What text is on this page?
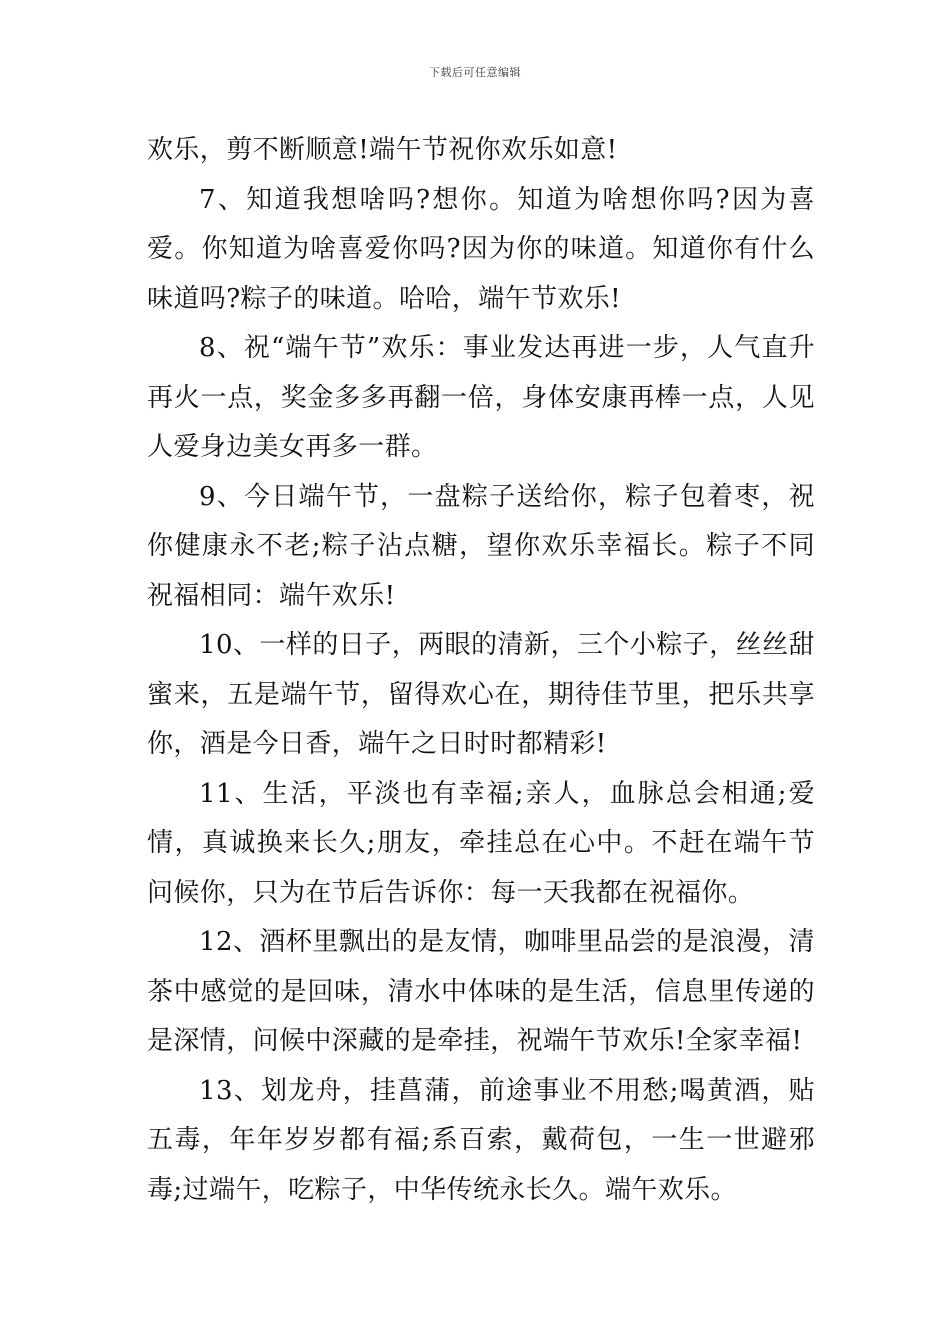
下载后可任意编辑

欢乐，剪不断顺意!端午节祝你欢乐如意!

7、知道我想啥吗?想你。知道为啥想你吗?因为喜爱。你知道为啥喜爱你吗?因为你的味道。知道你有什么味道吗?粽子的味道。哈哈，端午节欢乐!

8、祝“端午节”欢乐：事业发达再进一步，人气直升再火一点，奖金多多再翻一倍，身体安康再棒一点，人见人爱身边美女再多一群。

9、今日端午节，一盘粽子送给你，粽子包着枣，祝你健康永不老;粽子沾点糖，望你欢乐幸福长。粽子不同祝福相同：端午欢乐!

10、一样的日子，两眼的清新，三个小粽子，丝丝甜蜜来，五是端午节，留得欢心在，期待佳节里，把乐共享你，酒是今日香，端午之日时时都精彩!

11、生活，平淡也有幸福;亲人，血脉总会相通;爱情，真诚换来长久;朋友，牵挂总在心中。不赶在端午节问候你，只为在节后告诉你：每一天我都在祝福你。

12、酒杯里飘出的是友情，咖啡里品尝的是浪漫，清茶中感觉的是回味，清水中体味的是生活，信息里传递的是深情，问候中深藏的是牵挂，祝端午节欢乐!全家幸福!

13、划龙舟，挂菖蒲，前途事业不用愁;喝黄酒，贴五毒，年年岁岁都有福;系百索，戴荷包，一生一世避邪毒;过端午，吃粽子，中华传统永长久。端午欢乐。
